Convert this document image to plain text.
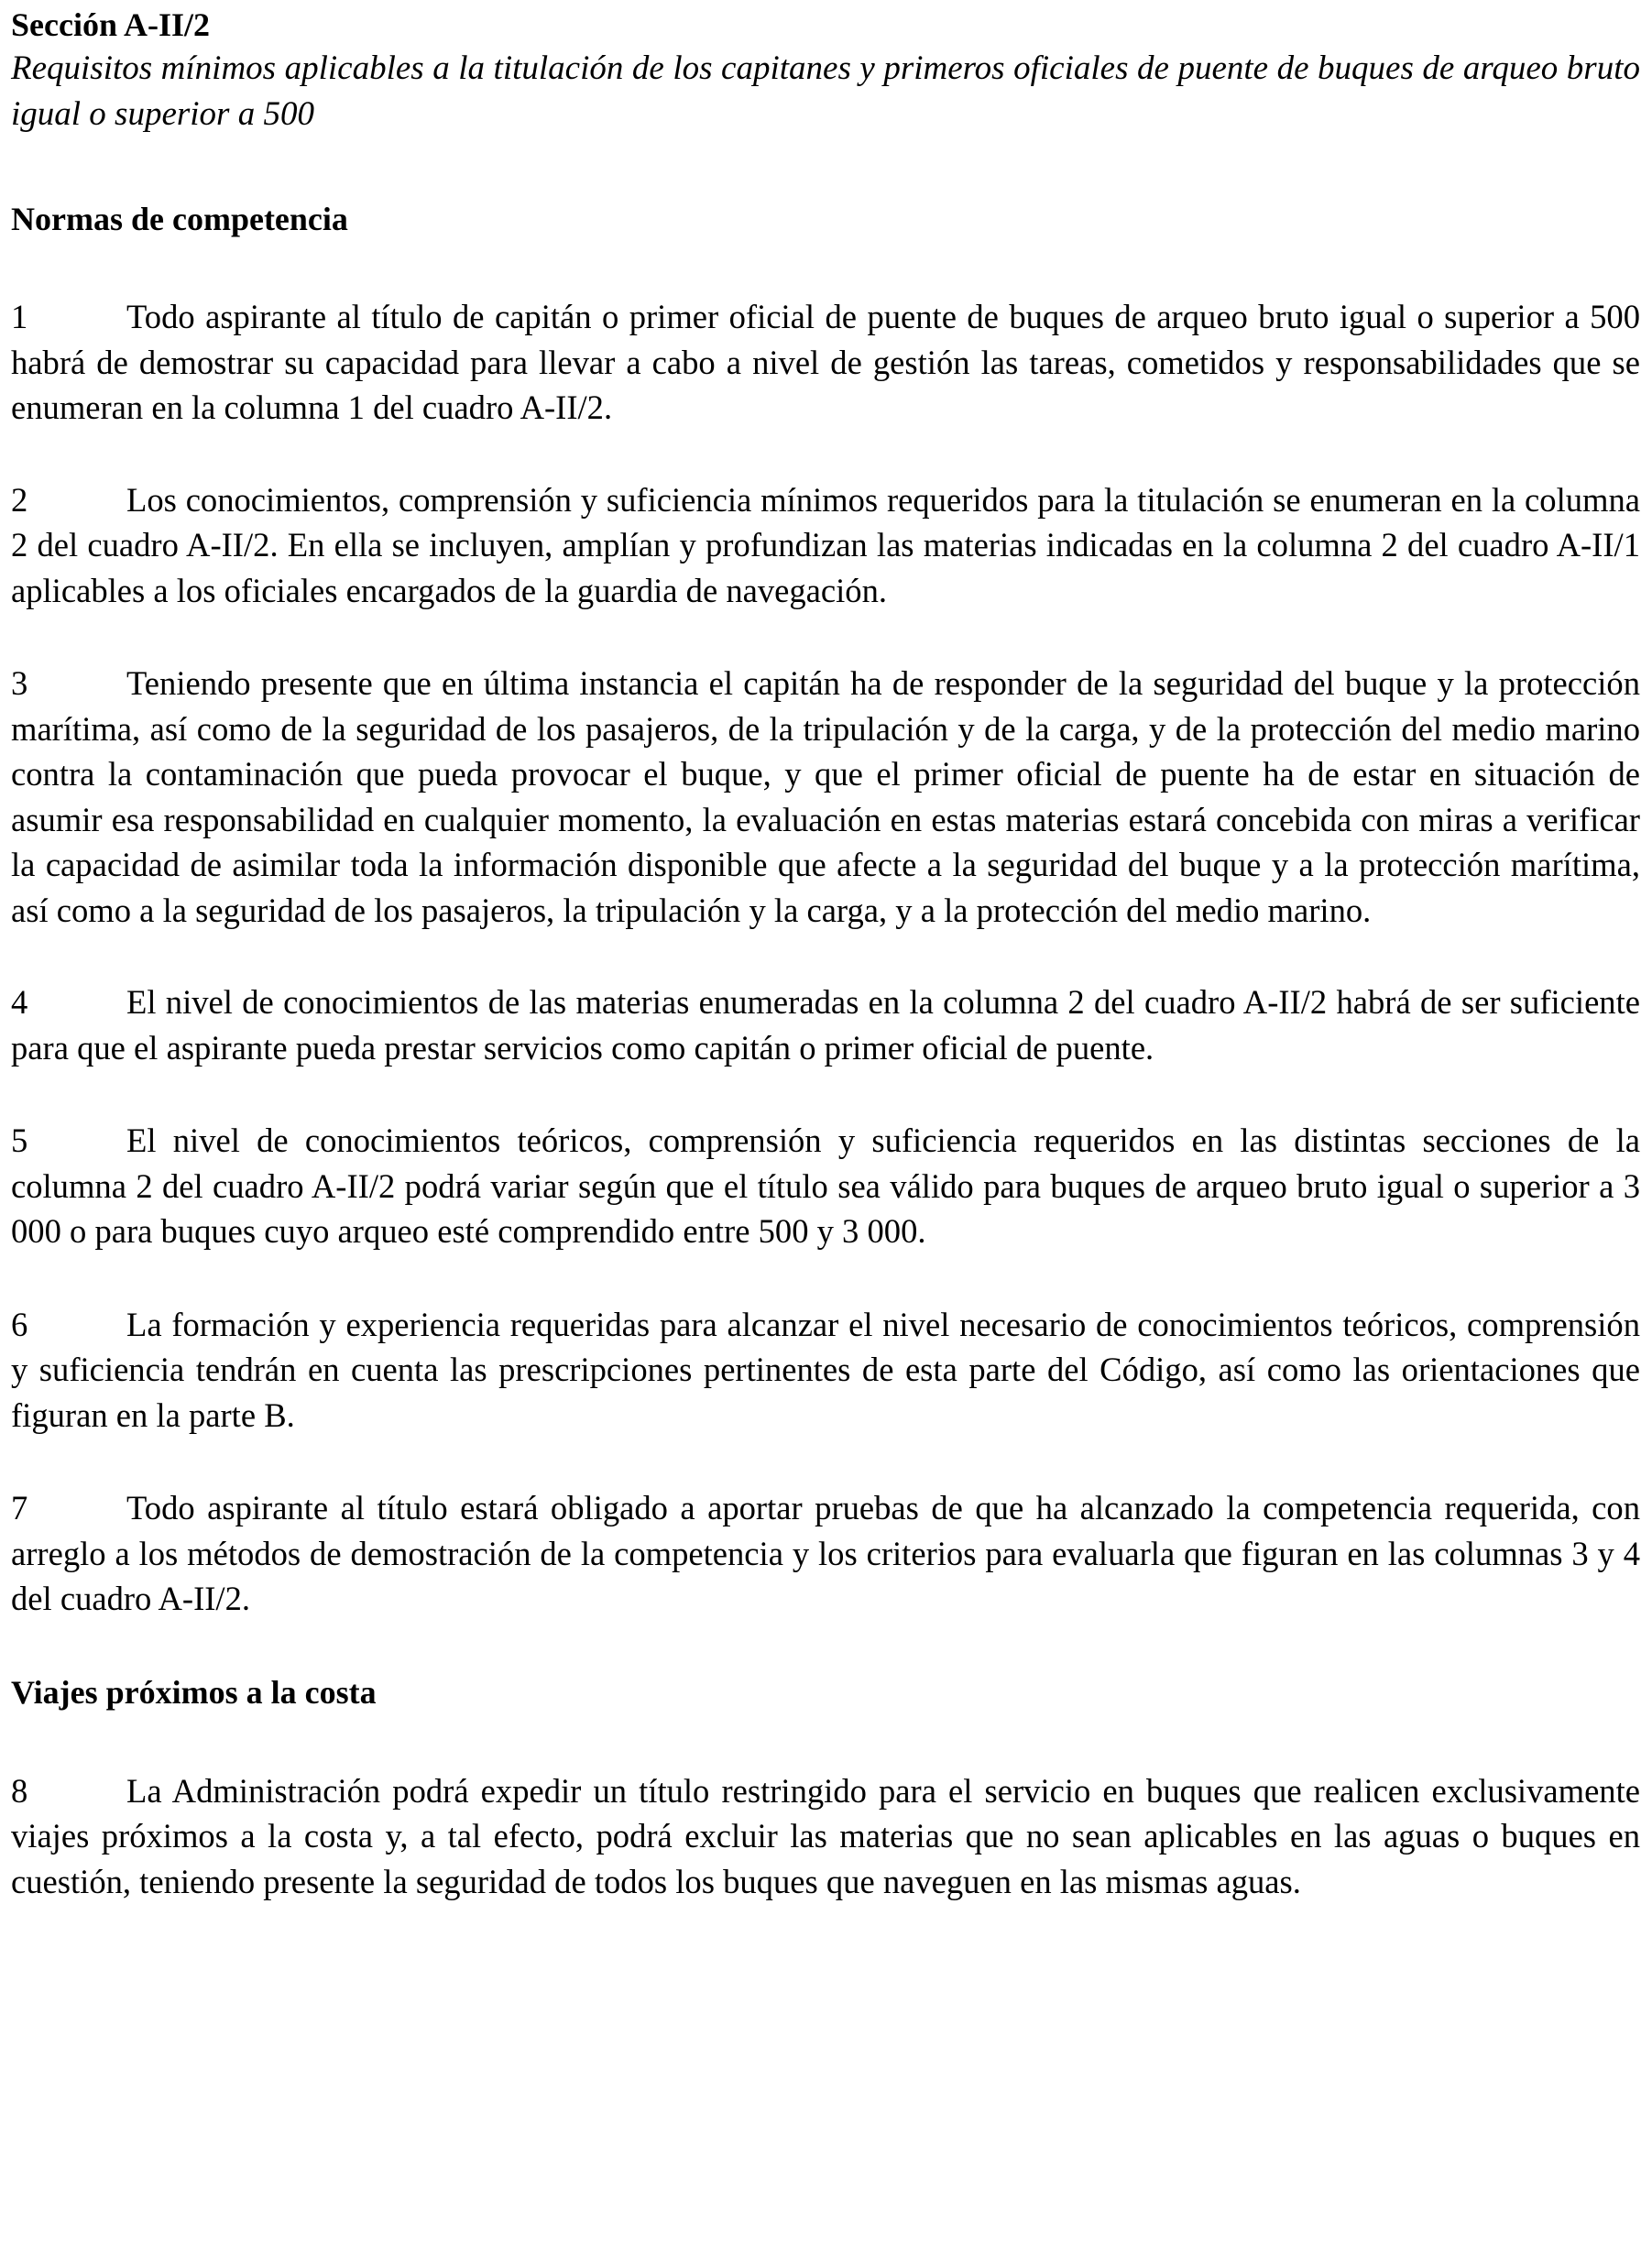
Sección A-II/2
Requisitos mínimos aplicables a la titulación de los capitanes y primeros oficiales de puente de buques de arqueo bruto igual o superior a 500
Normas de competencia

1	Todo aspirante al título de capitán o primer oficial de puente de buques de arqueo bruto igual o superior a 500 habrá de demostrar su capacidad para llevar a cabo a nivel de gestión las tareas, cometidos y responsabilidades que se enumeran en la columna 1 del cuadro A-II/2.

2	Los conocimientos, comprensión y suficiencia mínimos requeridos para la titulación se enumeran en la columna 2 del cuadro A-II/2. En ella se incluyen, amplían y profundizan las materias indicadas en la columna 2 del cuadro A-II/1 aplicables a los oficiales encargados de la guardia de navegación.

3	Teniendo presente que en última instancia el capitán ha de responder de la seguridad del buque y la protección marítima, así como de la seguridad de los pasajeros, de la tripulación y de la carga, y de la protección del medio marino contra la contaminación que pueda provocar el buque, y que el primer oficial de puente ha de estar en situación de asumir esa responsabilidad en cualquier momento, la evaluación en estas materias estará concebida con miras a verificar la capacidad de asimilar toda la información disponible que afecte a la seguridad del buque y a la protección marítima, así como a la seguridad de los pasajeros, la tripulación y la carga, y a la protección del medio marino.

4	El nivel de conocimientos de las materias enumeradas en la columna 2 del cuadro A-II/2 habrá de ser suficiente para que el aspirante pueda prestar servicios como capitán o primer oficial de puente.

5	El nivel de conocimientos teóricos, comprensión y suficiencia requeridos en las distintas secciones de la columna 2 del cuadro A-II/2 podrá variar según que el título sea válido para buques de arqueo bruto igual o superior a 3 000 o para buques cuyo arqueo esté comprendido entre 500 y 3 000.

6	La formación y experiencia requeridas para alcanzar el nivel necesario de conocimientos teóricos, comprensión y suficiencia tendrán en cuenta las prescripciones pertinentes de esta parte del Código, así como las orientaciones que figuran en la parte B.

7	Todo aspirante al título estará obligado a aportar pruebas de que ha alcanzado la competencia requerida, con arreglo a los métodos de demostración de la competencia y los criterios para evaluarla que figuran en las columnas 3 y 4 del cuadro A-II/2.

Viajes próximos a la costa

8	La Administración podrá expedir un título restringido para el servicio en buques que realicen exclusivamente viajes próximos a la costa y, a tal efecto, podrá excluir las materias que no sean aplicables en las aguas o buques en cuestión, teniendo presente la seguridad de todos los buques que naveguen en las mismas aguas.
